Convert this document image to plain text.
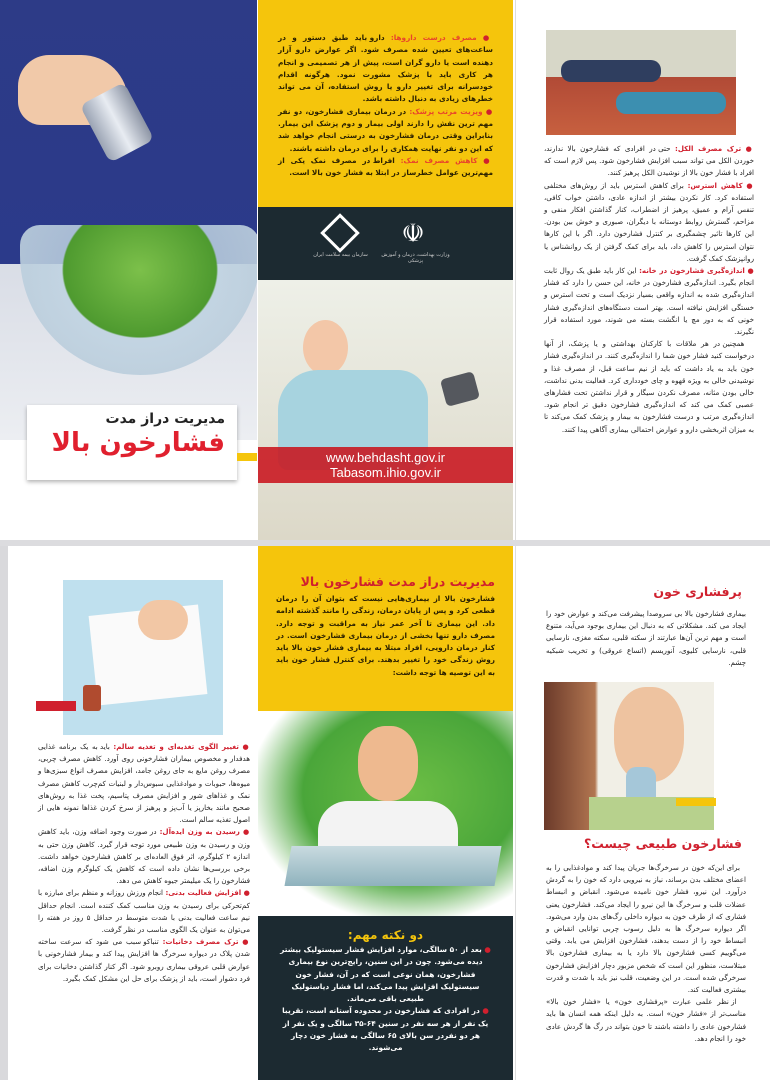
مدیریت دراز مدت
فشارخون بالا

● مصرف درست داروها: دارو باید طبق دستور و در ساعت‌های تعیین شده مصرف شود. اگر عوارض دارو آزار دهنده است یا دارو گران است، پیش از هر تصمیمی و انجام هر کاری باید با پزشک مشورت نمود. هرگونه اقدام خودسرانه برای تغییر دارو یا روش استفاده، آن می تواند خطرهای زیادی به دنبال داشته باشد.

● ویزیت مرتب پزشک: در درمان بیماری فشارخون، دو نفر مهم ترین نقش را دارند اولی بیمار و دوم پزشک این بیمار. بنابراین وقتی درمان فشارخون به درستی انجام خواهد شد که این دو نفر نهایت همکاری را برای درمان داشته باشند.

● کاهش مصرف نمک: افراط در مصرف نمک یکی از مهم‌ترین عوامل خطرساز در ابتلا به فشار خون بالا است.

سازمان بیمه سلامت ایران
☫
وزارت بهداشت، درمان و آموزش پزشکی
www.behdasht.gov.ir
Tabasom.ihio.gov.ir

● ترک مصرف الکل: حتی در افرادی که فشارخون بالا ندارند، خوردن الکل می تواند سبب افزایش فشارخون شود. پس لازم است که افراد با فشار خون بالا از نوشیدن الکل پرهیز کنند.

● کاهش استرس: برای کاهش استرس باید از روش‌های مختلفی استفاده کرد. کار نکردن بیشتر از اندازه عادی، داشتن خواب کافی، تنفس آرام و عمیق، پرهیز از اضطراب، کنار گذاشتن افکار منفی و مزاحم، گسترش روابط دوستانه با دیگران، صبوری و خوش بین بودن. این کارها تاثیر چشمگیری بر کنترل فشارخون دارد. اگر با این کارها نتوان استرس را کاهش داد، باید برای کمک گرفتن از یک روانشناس یا روانپزشک کمک گرفت.

● اندازه‌گیری فشارخون در خانه: این کار باید طبق یک روال ثابت انجام بگیرد. اندازه‌گیری فشارخون در خانه، این حسن را دارد که فشار اندازه‌گیری شده به اندازه واقعی بسیار نزدیک است و تحت استرس و خستگی افزایش نیافته است. بهتر است دستگاه‌های اندازه‌گیری فشار خونی که به دور مچ یا انگشت بسته می شوند، مورد استفاده قرار نگیرند.

همچنین در هر ملاقات با کارکنان بهداشتی و یا پزشک، از آنها درخواست کنید فشار خون شما را اندازه‌گیری کنند. در اندازه‌گیری فشار خون باید به یاد داشت که باید از نیم ساعت قبل، از مصرف غذا و نوشیدنی خالی به ویژه قهوه و چای خودداری کرد. فعالیت بدنی نداشت، خالی بودن مثانه، مصرف نکردن سیگار و قرار نداشتن تحت فشارهای عصبی کمک می کند که اندازه‌گیری فشارخون دقیق تر انجام شود. اندازه‌گیری مرتب و درست فشارخون به بیمار و پزشک کمک می‌کند تا به میزان اثربخشی دارو و عوارض احتمالی بیماری آگاهی پیدا کنند.

● تغییر الگوی تغذیه‌ای و تغذیه سالم: باید به یک برنامه غذایی هدفدار و مخصوص بیماران فشارخونی روی آورد. کاهش مصرف چربی، مصرف روغن مایع به جای روغن جامد، افزایش مصرف انواع سبزی‌ها و میوه‌ها، حبوبات و موادغذایی سبوس‌دار و لبنیات کم‌چرب کاهش مصرف نمک و غذاهای شور و افزایش مصرف پتاسیم، پخت غذا به روش‌های صحیح مانند بخارپز یا آب‌پز و پرهیز از سرخ کردن غذاها نمونه هایی از اصول تغذیه سالم است.

● رسیدن به وزن ایده‌آل: در صورت وجود اضافه وزن، باید کاهش وزن و رسیدن به وزن طبیعی مورد توجه قرار گیرد. کاهش وزن حتی به اندازه ۲ کیلوگرم، اثر فوق العاده‌ای بر کاهش فشارخون خواهد داشت. برخی بررسی‌ها نشان داده است که کاهش یک کیلوگرم وزن اضافه، فشارخون را یک میلیمتر جیوه کاهش می دهد.

● افزایش فعالیت بدنی: انجام ورزش روزانه و منظم برای مبارزه با کم‌تحرکی برای رسیدن به وزن مناسب کمک کننده است. انجام حداقل نیم ساعت فعالیت بدنی با شدت متوسط در حداقل ۵ روز در هفته را می‌توان به عنوان یک الگوی مناسب در نظر گرفت.

● ترک مصرف دخانیات: تنباکو سبب می شود که سرعت ساخته شدن پلاک در دیواره سرخرگ ها افزایش پیدا کند و بیمار فشارخونی با عوارض قلبی عروقی بیماری روبرو شود. اگر کنار گذاشتن دخانیات برای فرد دشوار است، باید از پزشک برای حل این مشکل کمک بگیرد.

مدیریت دراز مدت فشارخون بالا
فشارخون بالا از بیماری‌هایی نیست که بتوان آن را درمان قطعی کرد و پس از پایان درمان، زندگی را مانند گذشته ادامه داد. این بیماری تا آخر عمر نیاز به مراقبت و توجه دارد. مصرف دارو تنها بخشی از درمان بیماری فشارخون است. در کنار درمان دارویی، افراد مبتلا به بیماری فشار خون بالا باید روش زندگی خود را تغییر بدهند. برای کنترل فشار خون باید به این توصیه ها توجه داشت:
دو نکته مهم:

● بعد از ۵۰ سالگی، موارد افزایش فشار سیستولیک بیشتر دیده می‌شود. چون در این سنین، رایج‌ترین نوع بیماری فشارخون، همان نوعی است که در آن، فشار خون سیستولیک افزایش پیدا می‌کند، اما فشار دیاستولیک طبیعی باقی می‌ماند.

● در افرادی که فشارخون در محدوده آستانه است، تقریبا یک نفر از هر سه نفر در سنین ۶۴-۳۵ سالگی و یک نفر از هر دو نفردر سن بالای ۶۵ سالگی به فشار خون دچار می‌شوند.

پرفشاری خون
بیماری فشارخون بالا بی سروصدا پیشرفت می‌کند و عوارض خود را ایجاد می کند. مشکلاتی که به دنبال این بیماری بوجود می‌آید، متنوع است و مهم ترین آن‌ها عبارتند از سکته قلبی، سکته مغزی، نارسایی قلبی، نارسایی کلیوی، آنوریسم (اتساع عروقی) و تخریب شبکیه چشم.
فشارخون طبیعی چیست؟

برای این‌که خون در سرخرگ‌ها جریان پیدا کند و موادغذایی را به اعضای مختلف بدن برساند، نیاز به نیرویی دارد که خون را به گردش درآورد. این نیرو، فشار خون نامیده می‌شود. انقباض و انبساط عضلات قلب و سرخرگ ها این نیرو را ایجاد می‌کند. فشارخون یعنی فشاری که از طرف خون به دیواره داخلی رگ‌های بدن وارد می‌شود. اگر دیواره سرخرگ ها به دلیل رسوب چربی توانایی انقباض و انبساط خود را از دست بدهند، فشارخون افزایش می یابد. وقتی می‌گوییم کسی فشارخون بالا دارد یا به بیماری فشارخون بالا مبتلاست، منظور این است که شخص مزبور دچار افزایش فشارخون سرخرگی شده است. در این وضعیت، قلب نیز باید با شدت و قدرت بیشتری فعالیت کند.

از نظر علمی عبارت «پرفشاری خون» یا «فشار خون بالا» مناسب‌تر از «فشار خون» است. به دلیل اینکه همه انسان ها باید فشارخون عادی را داشته باشند تا خون بتواند در رگ ها گردش عادی خود را انجام دهد.
